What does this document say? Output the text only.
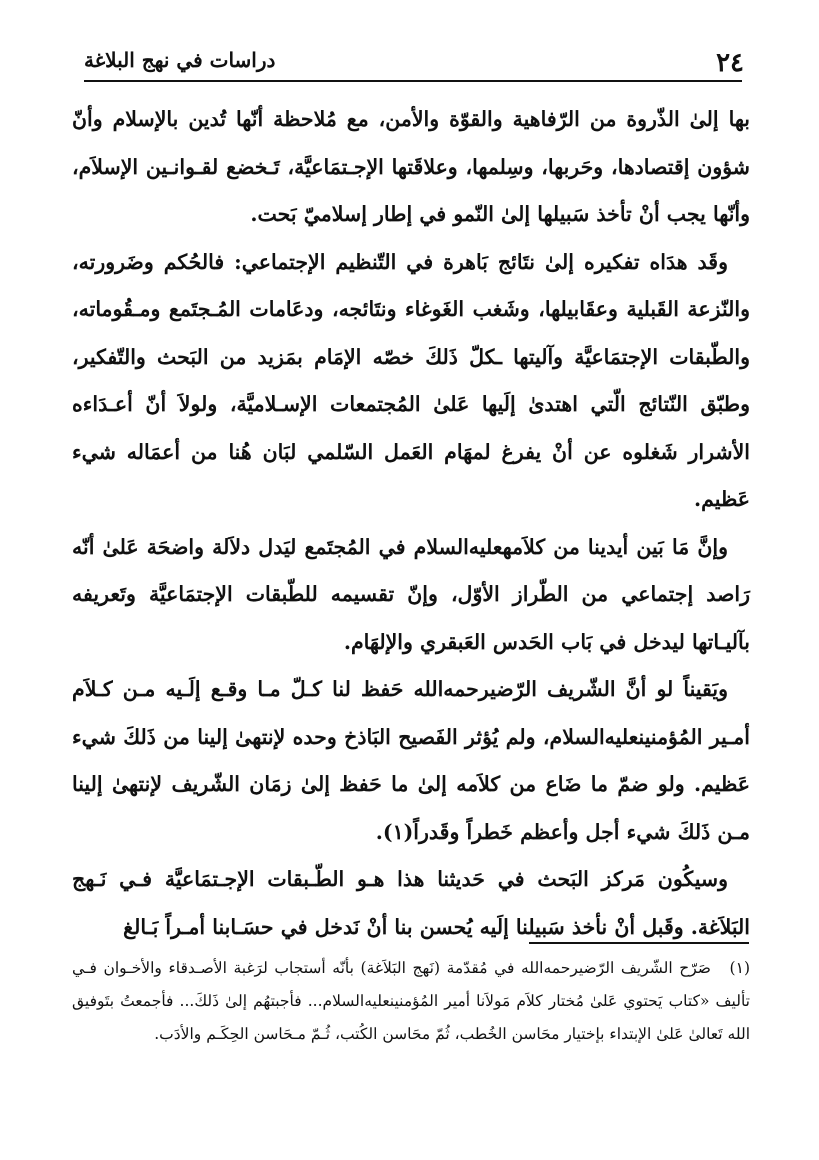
٢٤
دراسات في نهج البلاغة

بها إلىٰ الذّروة من الرّفاهية والقوّة والأمن، مع مُلاحظة أنّها تُدين بالإسلام وأنّ شؤون إقتصادها، وحَربها، وسِلمها، وعلاقَتها الإجـتمَاعيَّة، تَـخضع لقـوانـين الإسلاَم، وأنّها يجب أنْ تأخذ سَبيلها إلىٰ النّمو في إطار إسلاميّ بَحت.

وقَد هدَاه تفكيره إلىٰ نتَائج بَاهرة في التّنظيم الإجتماعي: فالحُكم وضَرورته، والنّزعة القَبلية وعقَابيلها، وشَغب الغَوغاء ونتَائجه، ودعَامات المُـجتَمع ومـقُوماته، والطّبقات الإجتمَاعيَّة وآليتها ـكلّ ذَلكَ خصّه الإمَام بمَزيد من البَحث والتّفكير، وطبّق النّتائج الّتي اهتدىٰ إلَيها عَلىٰ المُجتمعات الإسـلاميَّة، ولولاَ أنّ أعـدَاءه الأشرار شَغلوه عن أنْ يفرغ لمهَام العَمل السّلمي لبَان هُنا من أعمَاله شيء عَظيم.

وإنَّ مَا بَين أيدينا من كلاَمهعليه‌السلام في المُجتَمع ليَدل دلاَلة واضحَة عَلىٰ أنّه رَاصد إجتماعي من الطّراز الأوّل، وإنّ تقسيمه للطّبقات الإجتمَاعيَّة وتَعريفه بآليـاتها ليدخل في بَاب الحَدس العَبقري والإلهَام.

ويَقيناً لو أنَّ الشّريف الرّضيرحمه‌الله حَفظ لنا كـلّ مـا وقـع إلَـيه مـن كـلاَم أمـير المُؤمنينعليه‌السلام، ولم يُؤثر الفَصيح البَاذخ وحده لإنتهىٰ إلينا من ذَلكَ شيء عَظيم. ولو ضمّ ما ضَاع من كلاَمه إلىٰ ما حَفظ إلىٰ زمَان الشّريف لإنتهىٰ إلينا مـن ذَلكَ شيء أجل وأعظم خَطراً وقَدراً(١).

وسيكُون مَركز البَحث في حَديثنا هذا هـو الطّـبقات الإجـتمَاعيَّة فـي نَـهج البَلاَغة. وقَبل أنْ نأخذ سَبيلنا إلَيه يُحسن بنا أنْ نَدخل في حسَـابنا أمـراً بَـالغ

(١) صَرّح الشّريف الرّضيرحمه‌الله في مُقدّمة (نَهج البَلاَغة) بأنّه أستجاب لرَغبة الأصـدقاء والأخـوان فـي تأليف «كتاب يَحتوي عَلىٰ مُختار كلاَم مَولاَنا أمير المُؤمنينعليه‌السلام... فأجبتهُم إلىٰ ذَلكَ... فأجمعتُ بتَوفيق الله تَعالىٰ عَلىٰ الإبتداء بإختيار محَاسن الخُطب، ثُمّ محَاسن الكُتب، ثُـمّ مـحَاسن الحِكَـم والأدَب.
